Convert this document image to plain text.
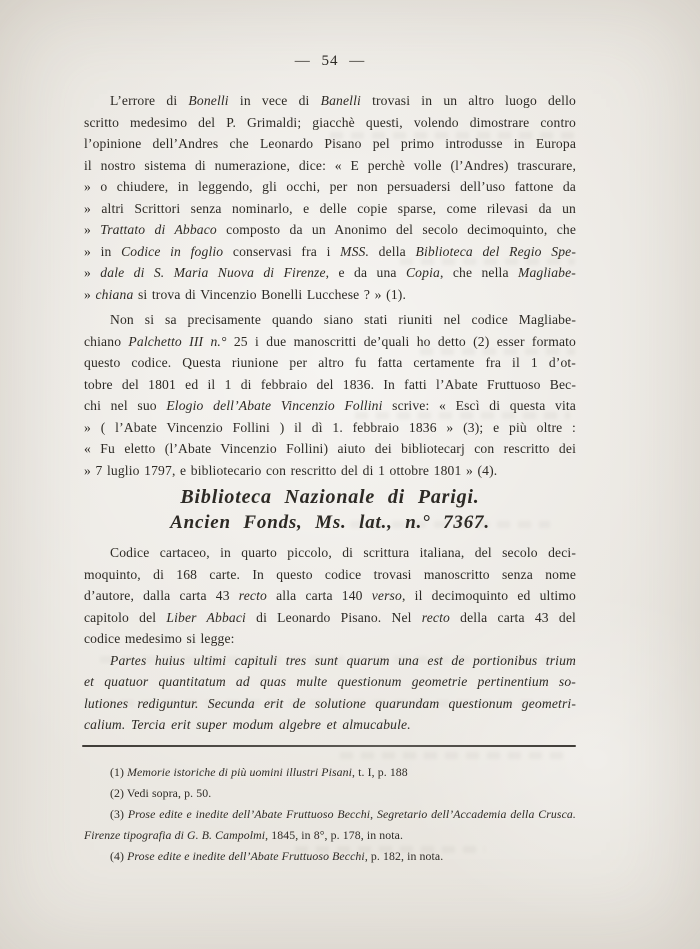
— 54 —
L’errore di Bonelli in vece di Banelli trovasi in un altro luogo dello
scritto medesimo del P. Grimaldi; giacchè questi, volendo dimostrare contro
l’opinione dell’Andres che Leonardo Pisano pel primo introdusse in Europa
il nostro sistema di numerazione, dice: « E perchè volle (l’Andres) trascurare,
» o chiudere, in leggendo, gli occhi, per non persuadersi dell’uso fattone da
» altri Scrittori senza nominarlo, e delle copie sparse, come rilevasi da un
» Trattato di Abbaco composto da un Anonimo del secolo decimoquinto, che
» in Codice in foglio conservasi fra i MSS. della Biblioteca del Regio Spe-
» dale di S. Maria Nuova di Firenze, e da una Copia, che nella Magliabe-
» chiana si trova di Vincenzio Bonelli Lucchese ? » (1).
Non si sa precisamente quando siano stati riuniti nel codice Magliabe-
chiano Palchetto III n.° 25 i due manoscritti de’quali ho detto (2) esser formato
questo codice. Questa riunione per altro fu fatta certamente fra il 1 d’ot-
tobre del 1801 ed il 1 di febbraio del 1836. In fatti l’Abate Fruttuoso Bec-
chi nel suo Elogio dell’Abate Vincenzio Follini scrive: « Escì di questa vita
» ( l’Abate Vincenzio Follini ) il dì 1. febbraio 1836 » (3); e più oltre :
« Fu eletto (l’Abate Vincenzio Follini) aiuto dei bibliotecarj con rescritto dei
» 7 luglio 1797, e bibliotecario con rescritto del di 1 ottobre 1801 » (4).
Biblioteca Nazionale di Parigi.
Ancien Fonds, Ms. lat., n.° 7367.
Codice cartaceo, in quarto piccolo, di scrittura italiana, del secolo deci-
moquinto, di 168 carte. In questo codice trovasi manoscritto senza nome
d’autore, dalla carta 43 recto alla carta 140 verso, il decimoquinto ed ultimo
capitolo del Liber Abbaci di Leonardo Pisano. Nel recto della carta 43 del
codice medesimo si legge:
Partes huius ultimi capituli tres sunt quarum una est de portionibus trium
et quatuor quantitatum ad quas multe questionum geometrie pertinentium so-
lutiones rediguntur. Secunda erit de solutione quarundam questionum geometri-
calium. Tercia erit super modum algebre et almucabule.
(1) Memorie istoriche di più uomini illustri Pisani, t. I, p. 188
(2) Vedi sopra, p. 50.
(3) Prose edite e inedite dell’Abate Fruttuoso Becchi, Segretario dell’Accademia della Crusca.
Firenze tipografia di G. B. Campolmi, 1845, in 8°, p. 178, in nota.
(4) Prose edite e inedite dell’Abate Fruttuoso Becchi, p. 182, in nota.
